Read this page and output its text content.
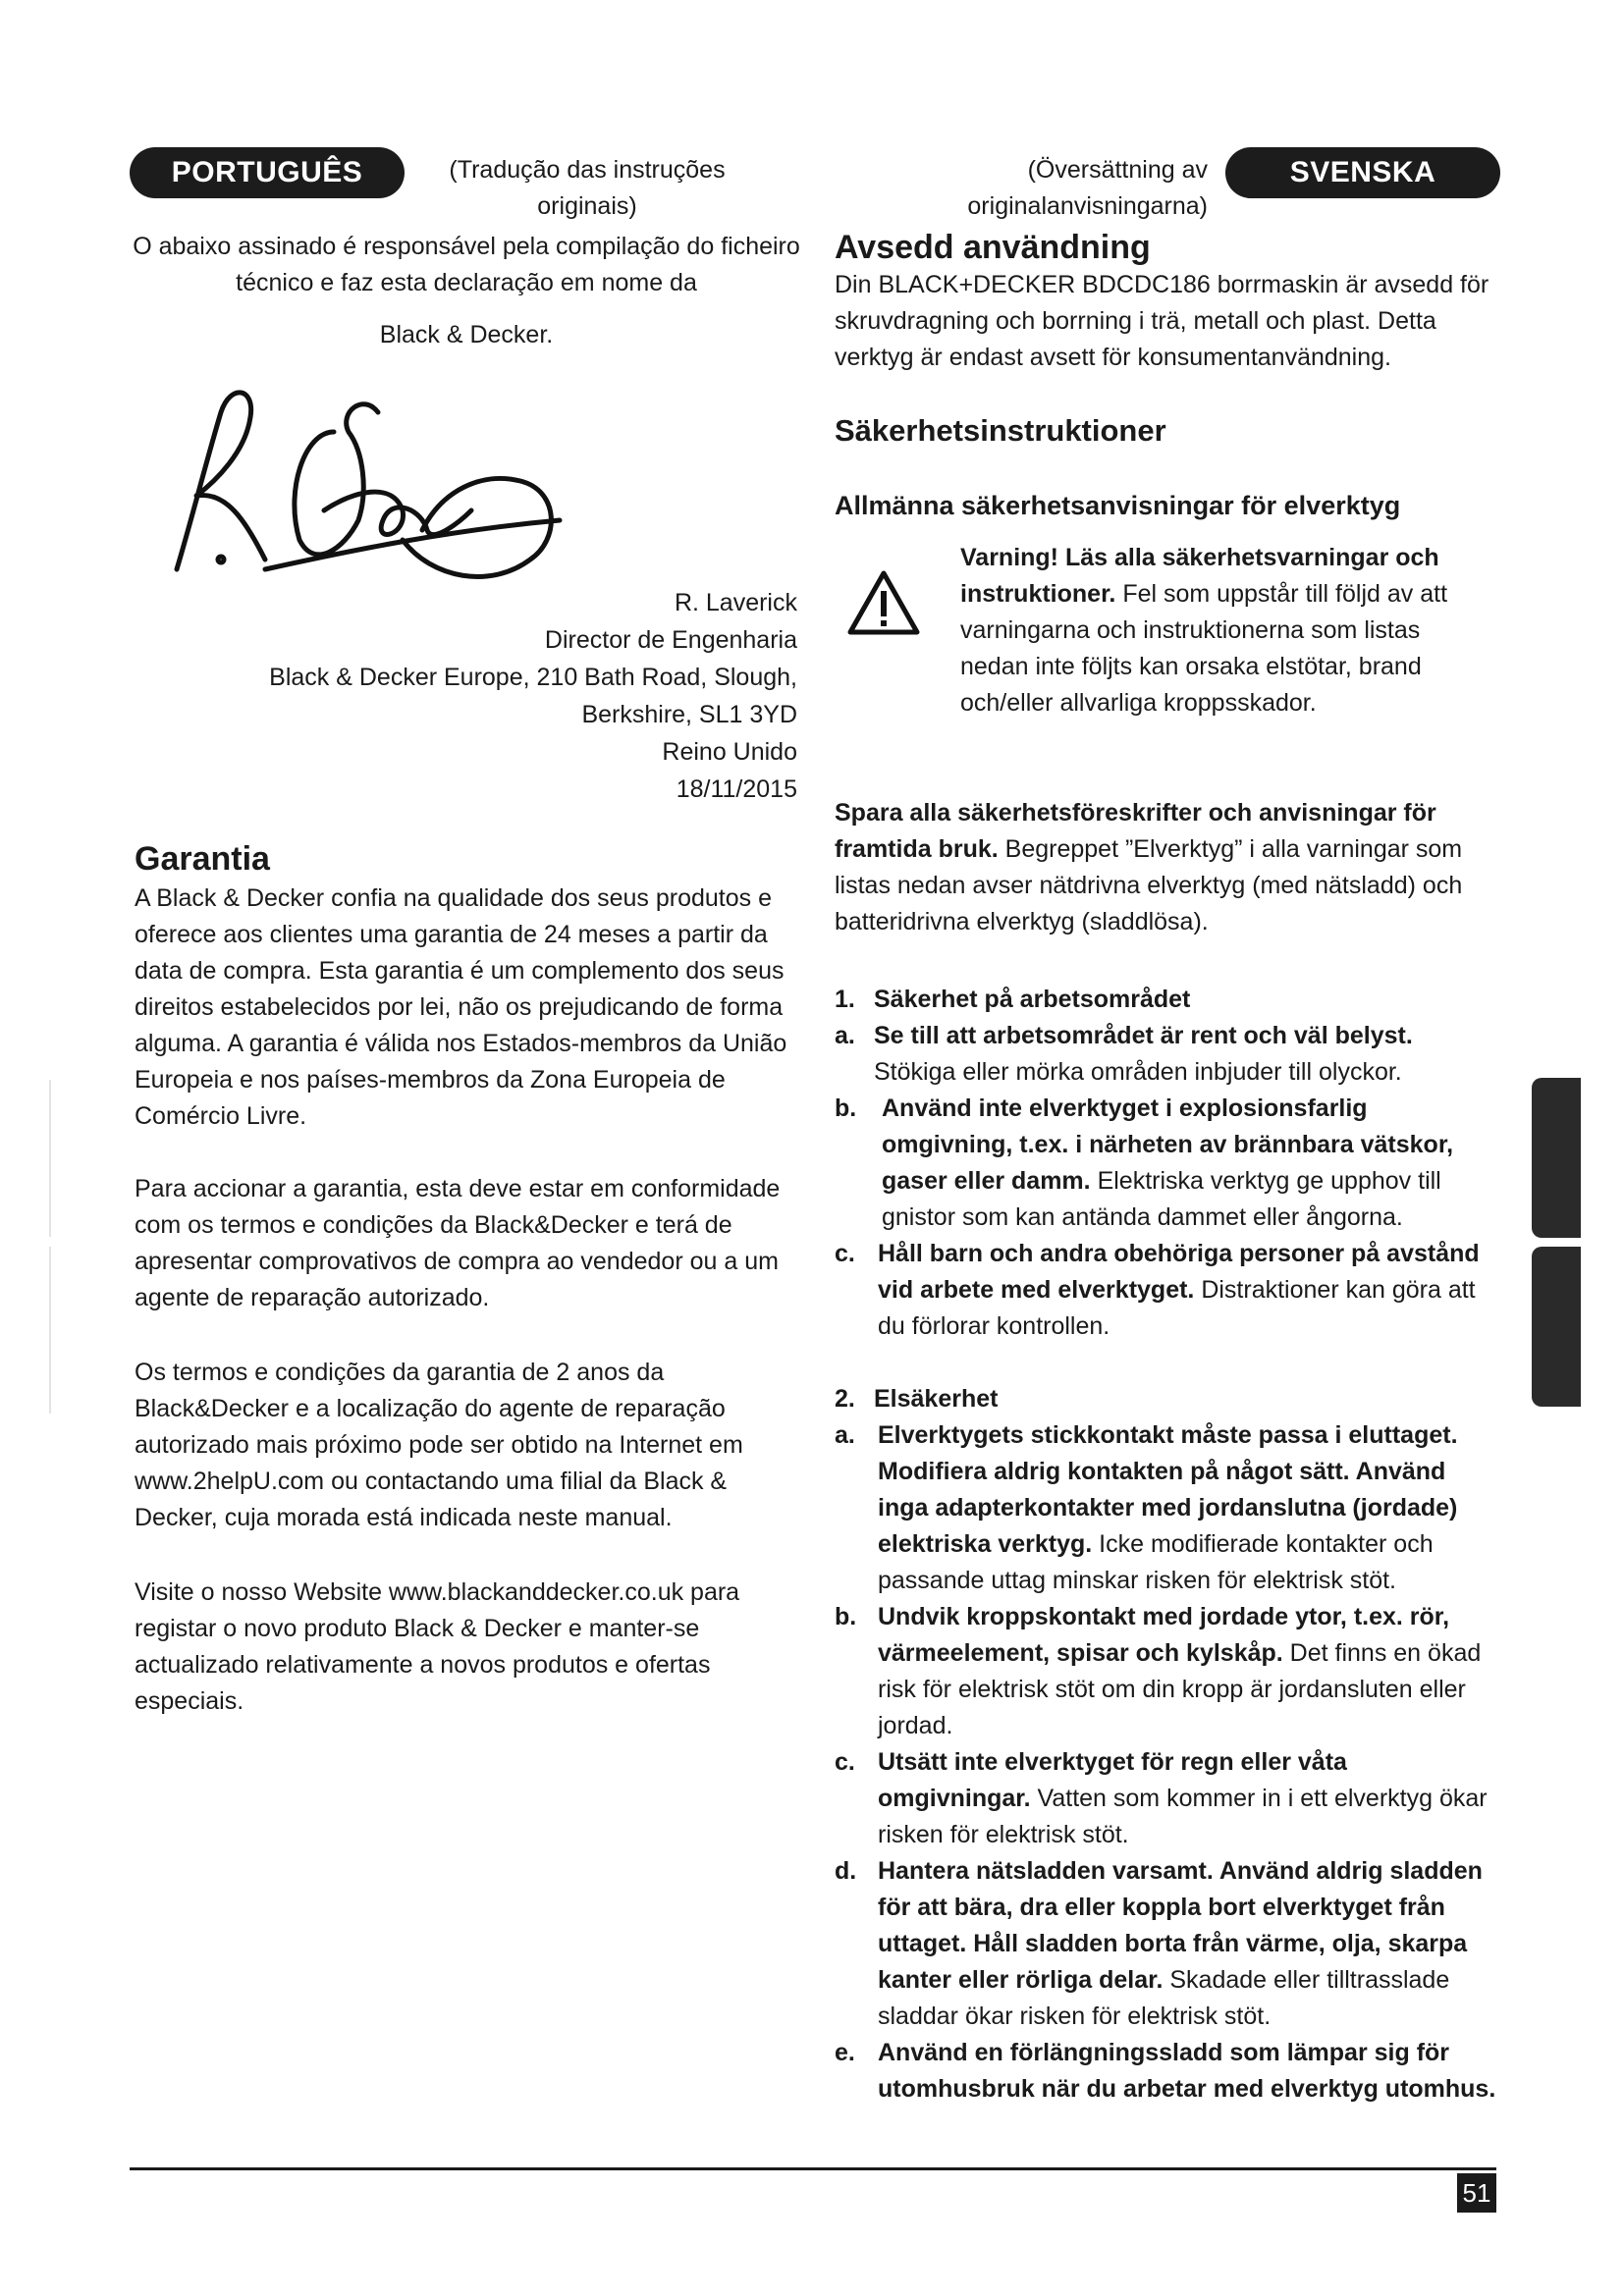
PORTUGUÊS	(Tradução das instruções originais)
O abaixo assinado é responsável pela compilação do ficheiro técnico e faz esta declaração em nome da
Black & Decker.
R. Laverick
Director de Engenharia
Black & Decker Europe, 210 Bath Road, Slough,
Berkshire, SL1 3YD
Reino Unido
18/11/2015
Garantia
A Black & Decker confia na qualidade dos seus produtos e oferece aos clientes uma garantia de 24 meses a partir da data de compra. Esta garantia é um complemento dos seus direitos estabelecidos por lei, não os prejudicando de forma alguma. A garantia é válida nos Estados-membros da União Europeia e nos países-membros da Zona Europeia de Comércio Livre.
Para accionar a garantia, esta deve estar em conformidade com os termos e condições da Black&Decker e terá de apresentar comprovativos de compra ao vendedor ou a um agente de reparação autorizado.
Os termos e condições da garantia de 2 anos da Black&Decker e a localização do agente de reparação autorizado mais próximo pode ser obtido na Internet em www.2helpU.com ou contactando uma filial da Black & Decker, cuja morada está indicada neste manual.
Visite o nosso Website www.blackanddecker.co.uk para registar o novo produto Black & Decker e manter-se actualizado relativamente a novos produtos e ofertas especiais.
(Översättning av originalanvisningarna)
SVENSKA
Avsedd användning
Din BLACK+DECKER BDCDC186 borrmaskin är avsedd för skruvdragning och borrning i trä, metall och plast. Detta verktyg är endast avsett för konsumentanvändning.
Säkerhetsinstruktioner
Allmänna säkerhetsanvisningar för elverktyg
Varning! Läs alla säkerhetsvarningar och instruktioner. Fel som uppstår till följd av att varningarna och instruktionerna som listas nedan inte följts kan orsaka elstötar, brand och/eller allvarliga kroppsskador.
Spara alla säkerhetsföreskrifter och anvisningar för framtida bruk. Begreppet ”Elverktyg” i alla varningar som listas nedan avser nätdrivna elverktyg (med nätsladd) och batteridrivna elverktyg (sladdlösa).
1. Säkerhet på arbetsområdet
a. Se till att arbetsområdet är rent och väl belyst. Stökiga eller mörka områden inbjuder till olyckor.
b. Använd inte elverktyget i explosionsfarlig omgivning, t.ex. i närheten av brännbara vätskor, gaser eller damm. Elektriska verktyg ge upphov till gnistor som kan antända dammet eller ångorna.
c. Håll barn och andra obehöriga personer på avstånd vid arbete med elverktyget. Distraktioner kan göra att du förlorar kontrollen.
2. Elsäkerhet
a. Elverktygets stickkontakt måste passa i eluttaget. Modifiera aldrig kontakten på något sätt. Använd inga adapterkontakter med jordanslutna (jordade) elektriska verktyg. Icke modifierade kontakter och passande uttag minskar risken för elektrisk stöt.
b. Undvik kroppskontakt med jordade ytor, t.ex. rör, värmeelement, spisar och kylskåp. Det finns en ökad risk för elektrisk stöt om din kropp är jordansluten eller jordad.
c. Utsätt inte elverktyget för regn eller våta omgivningar. Vatten som kommer in i ett elverktyg ökar risken för elektrisk stöt.
d. Hantera nätsladden varsamt. Använd aldrig sladden för att bära, dra eller koppla bort elverktyget från uttaget. Håll sladden borta från värme, olja, skarpa kanter eller rörliga delar. Skadade eller tilltrasslade sladdar ökar risken för elektrisk stöt.
e. Använd en förlängningssladd som lämpar sig för utomhusbruk när du arbetar med elverktyg utomhus.
51
